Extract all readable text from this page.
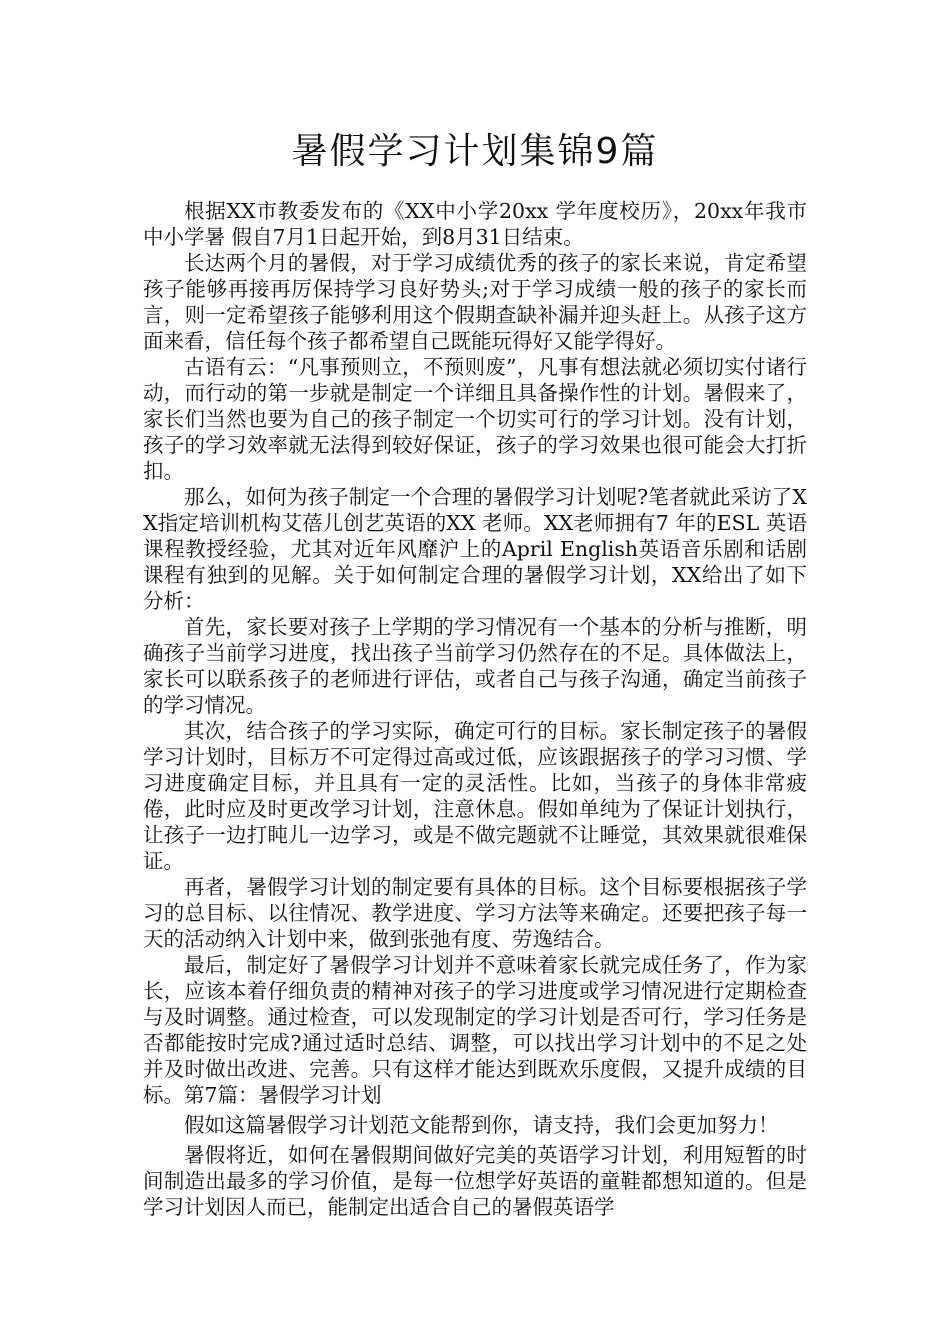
暑假学习计划集锦9篇

根据XX市教委发布的《XX中小学20xx 学年度校历》，20xx年我市中小学暑 假自7月1日起开始，到8月31日结束。

长达两个月的暑假，对于学习成绩优秀的孩子的家长来说，肯定希望孩子能够再接再厉保持学习良好势头;对于学习成绩一般的孩子的家长而言，则一定希望孩子能够利用这个假期查缺补漏并迎头赶上。从孩子这方面来看，信任每个孩子都希望自己既能玩得好又能学得好。

古语有云：“凡事预则立，不预则废”，凡事有想法就必须切实付诸行动，而行动的第一步就是制定一个详细且具备操作性的计划。暑假来了，家长们当然也要为自己的孩子制定一个切实可行的学习计划。没有计划，孩子的学习效率就无法得到较好保证，孩子的学习效果也很可能会大打折扣。

那么，如何为孩子制定一个合理的暑假学习计划呢?笔者就此采访了XX指定培训机构艾蓓儿创艺英语的XX 老师。XX老师拥有7 年的ESL 英语课程教授经验，尤其对近年风靡沪上的April English英语音乐剧和话剧课程有独到的见解。关于如何制定合理的暑假学习计划，XX给出了如下分析：

首先，家长要对孩子上学期的学习情况有一个基本的分析与推断，明确孩子当前学习进度，找出孩子当前学习仍然存在的不足。具体做法上，家长可以联系孩子的老师进行评估，或者自己与孩子沟通，确定当前孩子的学习情况。

其次，结合孩子的学习实际，确定可行的目标。家长制定孩子的暑假学习计划时，目标万不可定得过高或过低，应该跟据孩子的学习习惯、学习进度确定目标，并且具有一定的灵活性。比如，当孩子的身体非常疲倦，此时应及时更改学习计划，注意休息。假如单纯为了保证计划执行，让孩子一边打盹儿一边学习，或是不做完题就不让睡觉，其效果就很难保证。

再者，暑假学习计划的制定要有具体的目标。这个目标要根据孩子学习的总目标、以往情况、教学进度、学习方法等来确定。还要把孩子每一天的活动纳入计划中来，做到张弛有度、劳逸结合。

最后，制定好了暑假学习计划并不意味着家长就完成任务了，作为家长，应该本着仔细负责的精神对孩子的学习进度或学习情况进行定期检查与及时调整。通过检查，可以发现制定的学习计划是否可行，学习任务是否都能按时完成?通过适时总结、调整，可以找出学习计划中的不足之处并及时做出改进、完善。只有这样才能达到既欢乐度假，又提升成绩的目标。第7篇：暑假学习计划

假如这篇暑假学习计划范文能帮到你，请支持，我们会更加努力！

暑假将近，如何在暑假期间做好完美的英语学习计划，利用短暂的时间制造出最多的学习价值，是每一位想学好英语的童鞋都想知道的。但是学习计划因人而已，能制定出适合自己的暑假英语学
